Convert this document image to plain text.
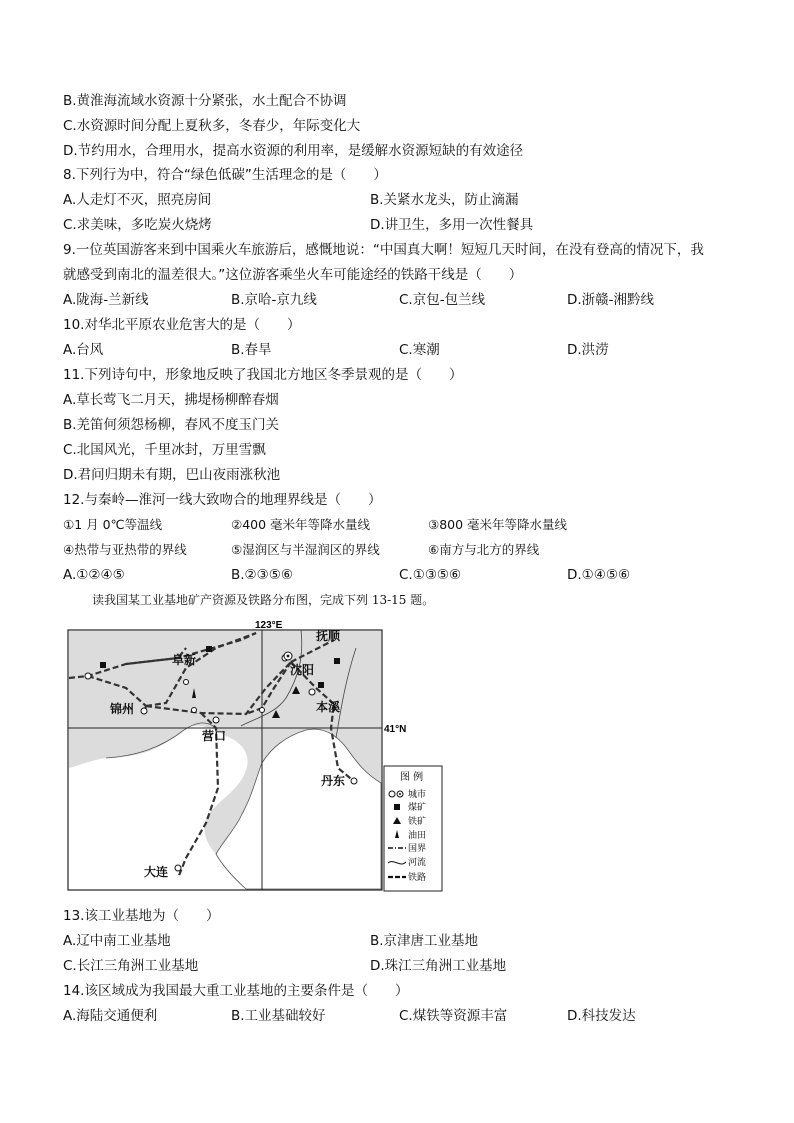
B.黄淮海流域水资源十分紧张，水土配合不协调
C.水资源时间分配上夏秋多，冬春少，年际变化大
D.节约用水，合理用水，提高水资源的利用率，是缓解水资源短缺的有效途径
8.下列行为中，符合“绿色低碳”生活理念的是（　　）
A.人走灯不灭，照亮房间	B.关紧水龙头，防止滴漏
C.求美味，多吃炭火烧烤	D.讲卫生，多用一次性餐具
9.一位英国游客来到中国乘火车旅游后，感慨地说：“中国真大啊！短短几天时间，在没有登高的情况下，我
就感受到南北的温差很大。”这位游客乘坐火车可能途经的铁路干线是（　　）
A.陇海-兰新线	B.京哈-京九线	C.京包-包兰线	D.浙赣-湘黔线
10.对华北平原农业危害大的是（　　）
A.台风	B.春旱	C.寒潮	D.洪涝
11.下列诗句中，形象地反映了我国北方地区冬季景观的是（　　）
A.草长莺飞二月天，拂堤杨柳醉春烟
B.羌笛何须怨杨柳，春风不度玉门关
C.北国风光，千里冰封，万里雪飘
D.君问归期未有期，巴山夜雨涨秋池
12.与秦岭—淮河一线大致吻合的地理界线是（　　）
①1 月 0℃等温线	②400 毫米年等降水量线	③800 毫米年等降水量线
④热带与亚热带的界线	⑤湿润区与半湿润区的界线	⑥南方与北方的界线
A.①②④⑤	B.②③⑤⑥	C.①③⑤⑥	D.①④⑤⑥
读我国某工业基地矿产资源及铁路分布图，完成下列 13-15 题。
123°E
41°N
抚顺
阜新
沈阳
锦州	本溪
营口
丹东
大连
图 例
城市
煤矿
铁矿
油田
国界
河流
铁路
13.该工业基地为（　　）
A.辽中南工业基地	B.京津唐工业基地
C.长江三角洲工业基地	D.珠江三角洲工业基地
14.该区域成为我国最大重工业基地的主要条件是（　　）
A.海陆交通便利	B.工业基础较好	C.煤铁等资源丰富	D.科技发达
